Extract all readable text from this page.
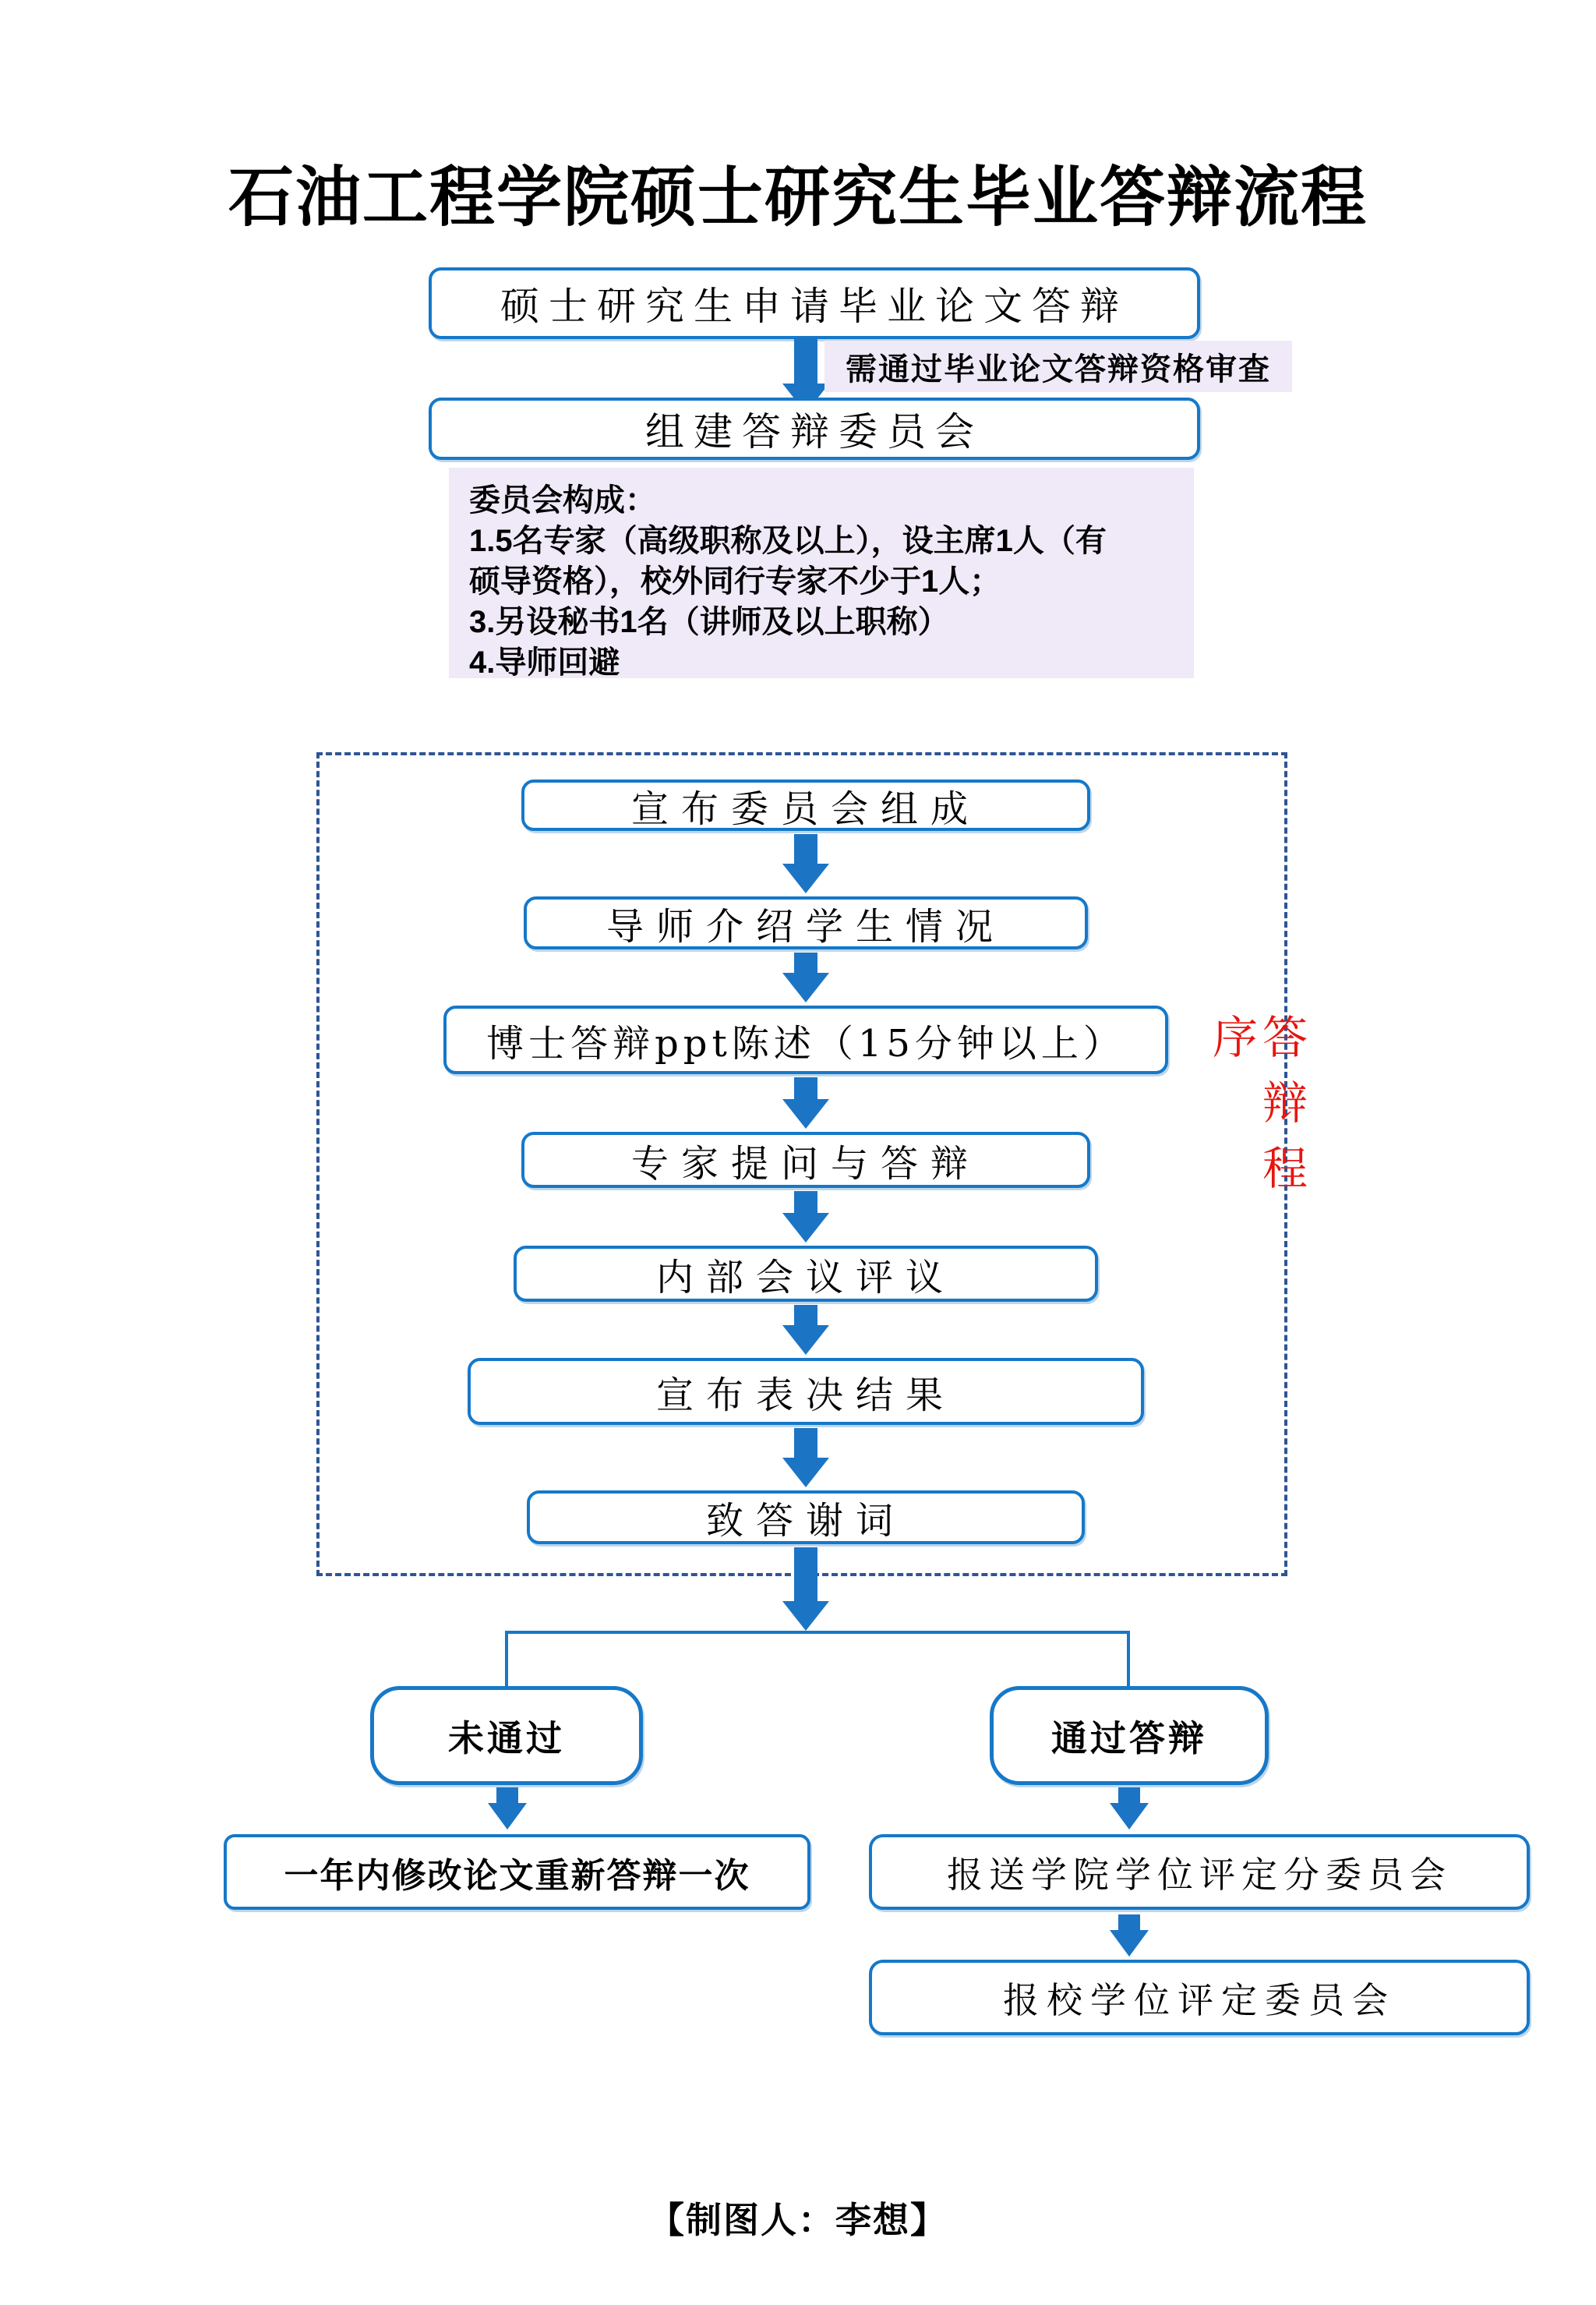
石油工程学院硕士研究生毕业答辩流程
硕士研究生申请毕业论文答辩
需通过毕业论文答辩资格审查
组建答辩委员会
委员会构成：
1.5名专家（高级职称及以上），设主席1人（有
硕导资格），校外同行专家不少于1人；
3.另设秘书1名（讲师及以上职称）
4.导师回避
答辩程序
宣布委员会组成
导师介绍学生情况
博士答辩ppt陈述（15分钟以上）
专家提问与答辩
内部会议评议
宣布表决结果
致答谢词
未通过	通过答辩
一年内修改论文重新答辩一次	报送学院学位评定分委员会
报校学位评定委员会
【制图人：李想】
